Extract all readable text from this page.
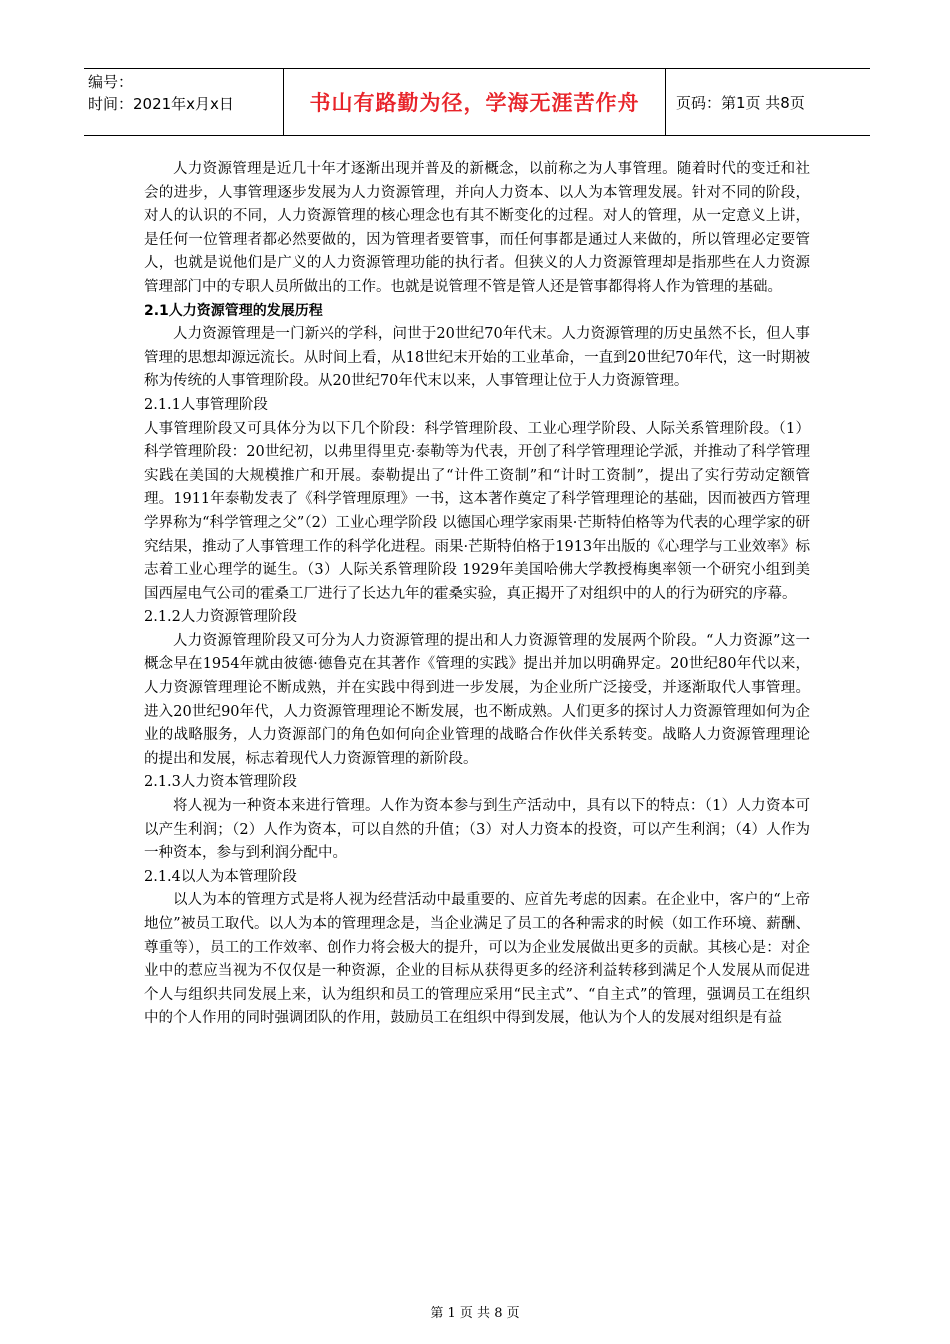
编号：
时间：2021年x月x日	书山有路勤为径，学海无涯苦作舟	页码：第1页 共8页

人力资源管理是近几十年才逐渐出现并普及的新概念，以前称之为人事管理。随着时代的变迁和社会的进步，人事管理逐步发展为人力资源管理，并向人力资本、以人为本管理发展。针对不同的阶段，对人的认识的不同，人力资源管理的核心理念也有其不断变化的过程。对人的管理，从一定意义上讲，是任何一位管理者都必然要做的，因为管理者要管事，而任何事都是通过人来做的，所以管理必定要管人，也就是说他们是广义的人力资源管理功能的执行者。但狭义的人力资源管理却是指那些在人力资源管理部门中的专职人员所做出的工作。也就是说管理不管是管人还是管事都得将人作为管理的基础。

2.1人力资源管理的发展历程

人力资源管理是一门新兴的学科，问世于20世纪70年代末。人力资源管理的历史虽然不长，但人事管理的思想却源远流长。从时间上看，从18世纪末开始的工业革命，一直到20世纪70年代，这一时期被称为传统的人事管理阶段。从20世纪70年代末以来，人事管理让位于人力资源管理。

2.1.1人事管理阶段

人事管理阶段又可具体分为以下几个阶段：科学管理阶段、工业心理学阶段、人际关系管理阶段。（1）科学管理阶段：20世纪初，以弗里得里克·泰勒等为代表，开创了科学管理理论学派，并推动了科学管理实践在美国的大规模推广和开展。泰勒提出了“计件工资制”和“计时工资制”，提出了实行劳动定额管理。1911年泰勒发表了《科学管理原理》一书，这本著作奠定了科学管理理论的基础，因而被西方管理学界称为“科学管理之父”（2）工业心理学阶段 以德国心理学家雨果·芒斯特伯格等为代表的心理学家的研究结果，推动了人事管理工作的科学化进程。雨果·芒斯特伯格于1913年出版的《心理学与工业效率》标志着工业心理学的诞生。（3）人际关系管理阶段 1929年美国哈佛大学教授梅奥率领一个研究小组到美国西屋电气公司的霍桑工厂进行了长达九年的霍桑实验，真正揭开了对组织中的人的行为研究的序幕。

2.1.2人力资源管理阶段

人力资源管理阶段又可分为人力资源管理的提出和人力资源管理的发展两个阶段。“人力资源”这一概念早在1954年就由彼德·德鲁克在其著作《管理的实践》提出并加以明确界定。20世纪80年代以来，人力资源管理理论不断成熟，并在实践中得到进一步发展，为企业所广泛接受，并逐渐取代人事管理。进入20世纪90年代，人力资源管理理论不断发展，也不断成熟。人们更多的探讨人力资源管理如何为企业的战略服务，人力资源部门的角色如何向企业管理的战略合作伙伴关系转变。战略人力资源管理理论的提出和发展，标志着现代人力资源管理的新阶段。

2.1.3人力资本管理阶段

将人视为一种资本来进行管理。人作为资本参与到生产活动中，具有以下的特点：（1）人力资本可以产生利润；（2）人作为资本，可以自然的升值；（3）对人力资本的投资，可以产生利润；（4）人作为一种资本，参与到利润分配中。

2.1.4以人为本管理阶段

以人为本的管理方式是将人视为经营活动中最重要的、应首先考虑的因素。在企业中，客户的“上帝地位”被员工取代。以人为本的管理理念是，当企业满足了员工的各种需求的时候（如工作环境、薪酬、尊重等），员工的工作效率、创作力将会极大的提升，可以为企业发展做出更多的贡献。其核心是：对企业中的惹应当视为不仅仅是一种资源，企业的目标从获得更多的经济利益转移到满足个人发展从而促进个人与组织共同发展上来，认为组织和员工的管理应采用“民主式”、“自主式”的管理，强调员工在组织中的个人作用的同时强调团队的作用，鼓励员工在组织中得到发展，他认为个人的发展对组织是有益

第 1 页 共 8 页
